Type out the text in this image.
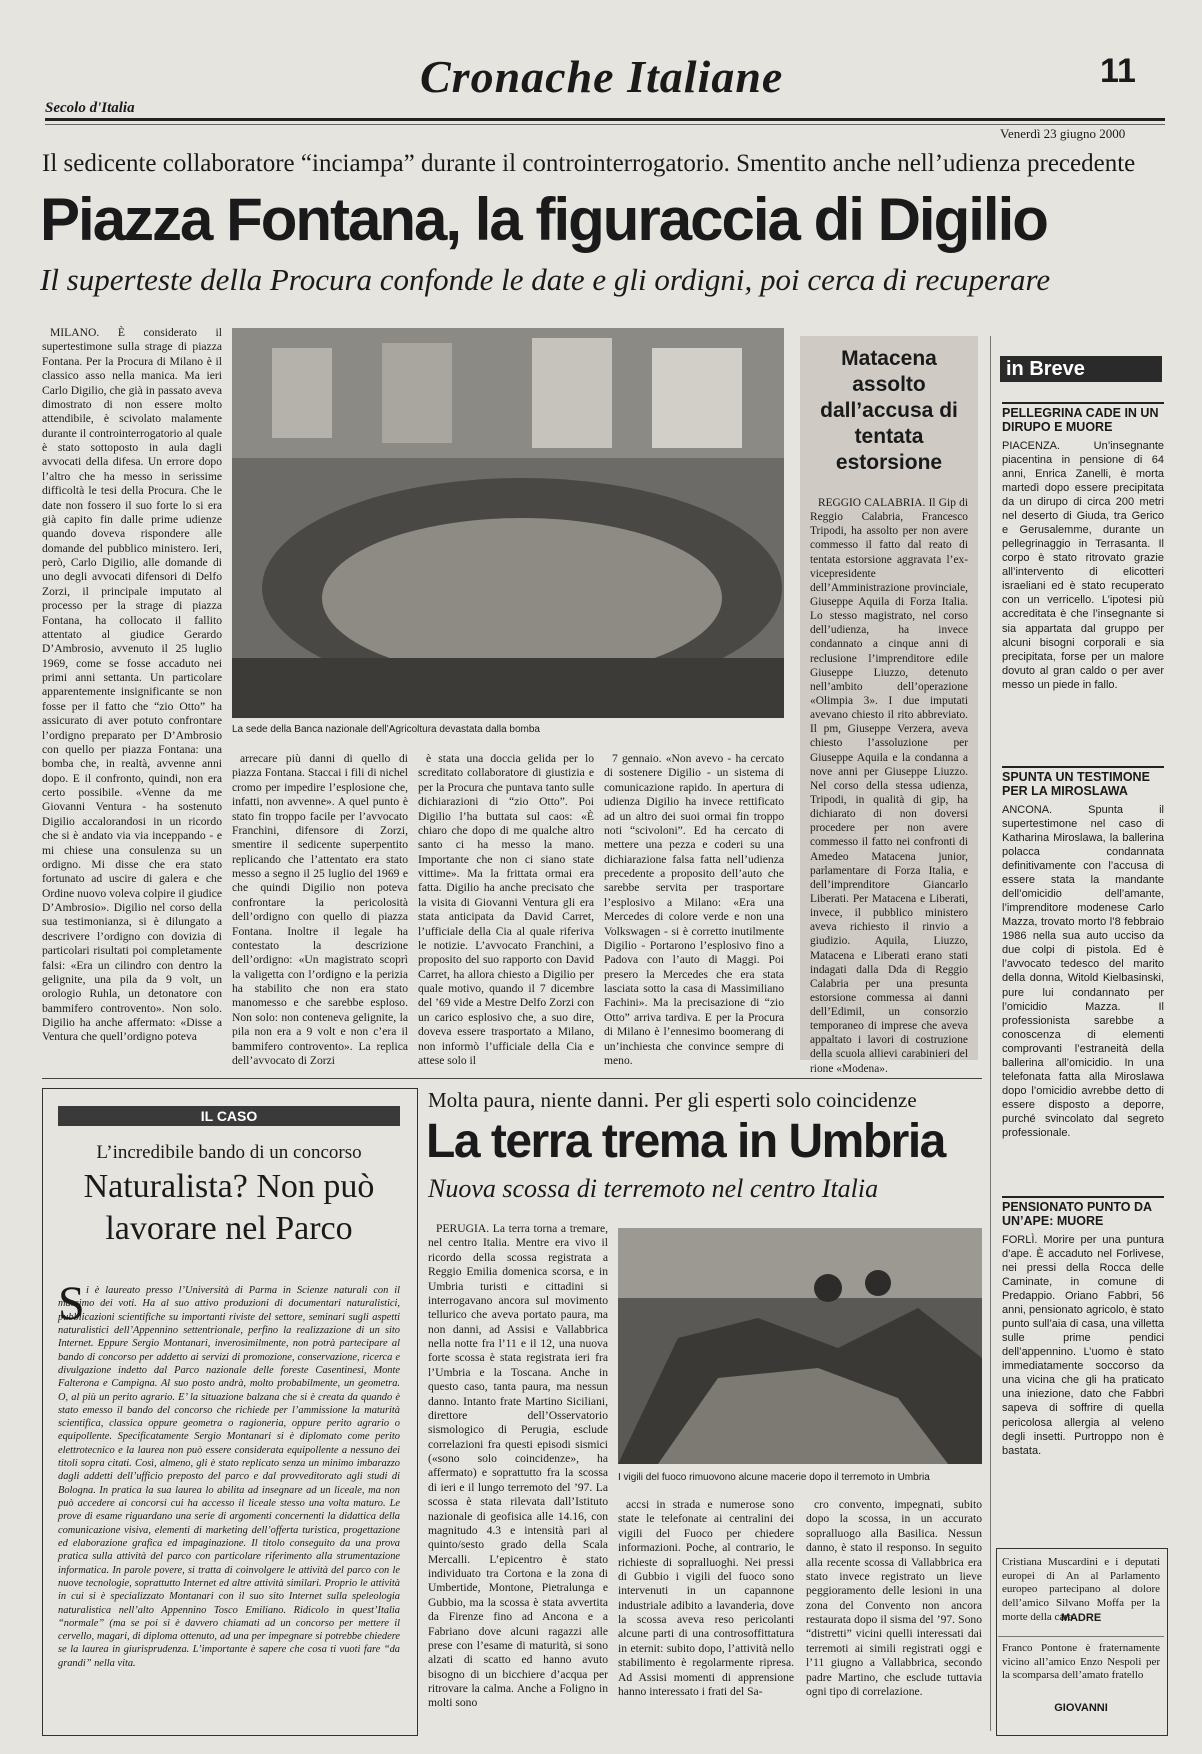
Secolo d'Italia
Cronache Italiane	11
Venerdì 23 giugno 2000
Il sedicente collaboratore “inciampa” durante il controinterrogatorio. Smentito anche nell’udienza precedente
Piazza Fontana, la figuraccia di Digilio
Il superteste della Procura confonde le date e gli ordigni, poi cerca di recuperare

MILANO. È considerato il supertestimone sulla strage di piazza Fontana. Per la Procura di Milano è il classico asso nella manica. Ma ieri Carlo Digilio, che già in passato aveva dimostrato di non essere molto attendibile, è scivolato malamente durante il controinterrogatorio al quale è stato sottoposto in aula dagli avvocati della difesa. Un errore dopo l’altro che ha messo in serissime difficoltà le tesi della Procura. Che le date non fossero il suo forte lo si era già capito fin dalle prime udienze quando doveva rispondere alle domande del pubblico ministero. Ieri, però, Carlo Digilio, alle domande di uno degli avvocati difensori di Delfo Zorzi, il principale imputato al processo per la strage di piazza Fontana, ha collocato il fallito attentato al giudice Gerardo D’Ambrosio, avvenuto il 25 luglio 1969, come se fosse accaduto nei primi anni settanta. Un particolare apparentemente insignificante se non fosse per il fatto che “zio Otto” ha assicurato di aver potuto confrontare l’ordigno preparato per D’Ambrosio con quello per piazza Fontana: una bomba che, in realtà, avvenne anni dopo. E il confronto, quindi, non era certo possibile. «Venne da me Giovanni Ventura - ha sostenuto Digilio accalorandosi in un ricordo che si è andato via via inceppando - e mi chiese una consulenza su un ordigno. Mi disse che era stato fortunato ad uscire di galera e che Ordine nuovo voleva colpire il giudice D’Ambrosio». Digilio nel corso della sua testimonianza, si è dilungato a descrivere l’ordigno con dovizia di particolari risultati poi completamente falsi: «Era un cilindro con dentro la gelignite, una pila da 9 volt, un orologio Ruhla, un detonatore con bammifero controvento». Non solo. Digilio ha anche affermato: «Disse a Ventura che quell’ordigno poteva

La sede della Banca nazionale dell’Agricoltura devastata dalla bomba

arrecare più danni di quello di piazza Fontana. Staccai i fili di nichel cromo per impedire l’esplosione che, infatti, non avvenne». A quel punto è stato fin troppo facile per l’avvocato Franchini, difensore di Zorzi, smentire il sedicente superpentito replicando che l’attentato era stato messo a segno il 25 luglio del 1969 e che quindi Digilio non poteva confrontare la pericolosità dell’ordigno con quello di piazza Fontana. Inoltre il legale ha contestato la descrizione dell’ordigno: «Un magistrato scoprì la valigetta con l’ordigno e la perizia ha stabilito che non era stato manomesso e che sarebbe esploso. Non solo: non conteneva gelignite, la pila non era a 9 volt e non c’era il bammifero controvento». La replica dell’avvocato di Zorzi

è stata una doccia gelida per lo screditato collaboratore di giustizia e per la Procura che puntava tanto sulle dichiarazioni di “zio Otto”. Poi Digilio l’ha buttata sul caos: «È chiaro che dopo di me qualche altro santo ci ha messo la mano. Importante che non ci siano state vittime». Ma la frittata ormai era fatta. Digilio ha anche precisato che la visita di Giovanni Ventura gli era stata anticipata da David Carret, l’ufficiale della Cia al quale riferiva le notizie. L’avvocato Franchini, a proposito del suo rapporto con David Carret, ha allora chiesto a Digilio per quale motivo, quando il 7 dicembre del ’69 vide a Mestre Delfo Zorzi con un carico esplosivo che, a suo dire, doveva essere trasportato a Milano, non informò l’ufficiale della Cia e attese solo il

7 gennaio. «Non avevo - ha cercato di sostenere Digilio - un sistema di comunicazione rapido. In apertura di udienza Digilio ha invece rettificato ad un altro dei suoi ormai fin troppo noti “scivoloni”. Ed ha cercato di mettere una pezza e coderi su una dichiarazione falsa fatta nell’udienza precedente a proposito dell’auto che sarebbe servita per trasportare l’esplosivo a Milano: «Era una Mercedes di colore verde e non una Volkswagen - si è corretto inutilmente Digilio - Portarono l’esplosivo fino a Padova con l’auto di Maggi. Poi presero la Mercedes che era stata lasciata sotto la casa di Massimiliano Fachini». Ma la precisazione di “zio Otto” arriva tardiva. E per la Procura di Milano è l’ennesimo boomerang di un’inchiesta che convince sempre di meno.

Matacena assolto dall’accusa di tentata estorsione

REGGIO CALABRIA. Il Gip di Reggio Calabria, Francesco Tripodi, ha assolto per non avere commesso il fatto dal reato di tentata estorsione aggravata l’ex-vicepresidente dell’Amministrazione provinciale, Giuseppe Aquila di Forza Italia. Lo stesso magistrato, nel corso dell’udienza, ha invece condannato a cinque anni di reclusione l’imprenditore edile Giuseppe Liuzzo, detenuto nell’ambito dell’operazione «Olimpia 3». I due imputati avevano chiesto il rito abbreviato. Il pm, Giuseppe Verzera, aveva chiesto l’assoluzione per Giuseppe Aquila e la condanna a nove anni per Giuseppe Liuzzo. Nel corso della stessa udienza, Tripodi, in qualità di gip, ha dichiarato di non doversi procedere per non avere commesso il fatto nei confronti di Amedeo Matacena junior, parlamentare di Forza Italia, e dell’imprenditore Giancarlo Liberati. Per Matacena e Liberati, invece, il pubblico ministero aveva richiesto il rinvio a giudizio. Aquila, Liuzzo, Matacena e Liberati erano stati indagati dalla Dda di Reggio Calabria per una presunta estorsione commessa ai danni dell’Edimil, un consorzio temporaneo di imprese che aveva appaltato i lavori di costruzione della scuola allievi carabinieri del rione «Modena».

in Breve
PELLEGRINA CADE IN UN DIRUPO E MUORE
PIACENZA. Un’insegnante piacentina in pensione di 64 anni, Enrica Zanelli, è morta martedì dopo essere precipitata da un dirupo di circa 200 metri nel deserto di Giuda, tra Gerico e Gerusalemme, durante un pellegrinaggio in Terrasanta. Il corpo è stato ritrovato grazie all’intervento di elicotteri israeliani ed è stato recuperato con un verricello. L’ipotesi più accreditata è che l’insegnante si sia appartata dal gruppo per alcuni bisogni corporali e sia precipitata, forse per un malore dovuto al gran caldo o per aver messo un piede in fallo.
SPUNTA UN TESTIMONE PER LA MIROSLAWA
ANCONA. Spunta il supertestimone nel caso di Katharina Miroslawa, la ballerina polacca condannata definitivamente con l’accusa di essere stata la mandante dell’omicidio dell’amante, l’imprenditore modenese Carlo Mazza, trovato morto l’8 febbraio 1986 nella sua auto ucciso da due colpi di pistola. Ed è l’avvocato tedesco del marito della donna, Witold Kielbasinski, pure lui condannato per l’omicidio Mazza. Il professionista sarebbe a conoscenza di elementi comprovanti l’estraneità della ballerina all’omicidio. In una telefonata fatta alla Miroslawa dopo l’omicidio avrebbe detto di essere disposto a deporre, purché svincolato dal segreto professionale.
PENSIONATO PUNTO DA UN’APE: MUORE
FORLÌ. Morire per una puntura d’ape. È accaduto nel Forlivese, nei pressi della Rocca delle Caminate, in comune di Predappio. Oriano Fabbri, 56 anni, pensionato agricolo, è stato punto sull’aia di casa, una villetta sulle prime pendici dell’appennino. L’uomo è stato immediatamente soccorso da una vicina che gli ha praticato una iniezione, dato che Fabbri sapeva di soffrire di quella pericolosa allergia al veleno degli insetti. Purtroppo non è bastata.
Cristiana Muscardini e i deputati europei di An al Parlamento europeo partecipano al dolore dell’amico Silvano Moffa per la morte della cara
MADRE
Franco Pontone è fraternamente vicino all’amico Enzo Nespoli per la scomparsa dell’amato fratello
GIOVANNI
IL CASO
L’incredibile bando di un concorso
Naturalista? Non può lavorare nel Parco
S i è laureato presso l’Università di Parma in Scienze naturali con il massimo dei voti. Ha al suo attivo produzioni di documentari naturalistici, pubblicazioni scientifiche su importanti riviste del settore, seminari sugli aspetti naturalistici dell’Appennino settentrionale, perfino la realizzazione di un sito Internet. Eppure Sergio Montanari, inverosimilmente, non potrà partecipare al bando di concorso per addetto ai servizi di promozione, conservazione, ricerca e divulgazione indetto dal Parco nazionale delle foreste Casentinesi, Monte Falterona e Campigna. Al suo posto andrà, molto probabilmente, un geometra. O, al più un perito agrario. E’ la situazione balzana che si è creata da quando è stato emesso il bando del concorso che richiede per l’ammissione la maturità scientifica, classica oppure geometra o ragioneria, oppure perito agrario o equipollente. Specificatamente Sergio Montanari si è diplomato come perito elettrotecnico e la laurea non può essere considerata equipollente a nessuno dei titoli sopra citati. Così, almeno, gli è stato replicato senza un minimo imbarazzo dagli addetti dell’ufficio preposto del parco e dal provveditorato agli studi di Bologna. In pratica la sua laurea lo abilita ad insegnare ad un liceale, ma non può accedere ai concorsi cui ha accesso il liceale stesso una volta maturo. Le prove di esame riguardano una serie di argomenti concernenti la didattica della comunicazione visiva, elementi di marketing dell’offerta turistica, progettazione ed elaborazione grafica ed impaginazione. Il titolo conseguito da una prova pratica sulla attività del parco con particolare riferimento alla strumentazione informatica. In parole povere, si tratta di coinvolgere le attività del parco con le nuove tecnologie, soprattutto Internet ed altre attività similari. Proprio le attività in cui si è specializzato Montanari con il suo sito Internet sulla speleologia naturalistica nell’alto Appennino Tosco Emiliano. Ridicolo in quest’Italia “normale” (ma se poi si è davvero chiamati ad un concorso per mettere il cervello, magari, di diploma ottenuto, ad una per impegnare si potrebbe chiedere se la laurea in giurisprudenza. L’importante è sapere che cosa ti vuoti fare “da grandi” nella vita.
Molta paura, niente danni. Per gli esperti solo coincidenze
La terra trema in Umbria
Nuova scossa di terremoto nel centro Italia

PERUGIA. La terra torna a tremare, nel centro Italia. Mentre era vivo il ricordo della scossa registrata a Reggio Emilia domenica scorsa, e in Umbria turisti e cittadini si interrogavano ancora sul movimento tellurico che aveva portato paura, ma non danni, ad Assisi e Vallabbrica nella notte fra l’11 e il 12, una nuova forte scossa è stata registrata ieri fra l’Umbria e la Toscana. Anche in questo caso, tanta paura, ma nessun danno. Intanto frate Martino Siciliani, direttore dell’Osservatorio sismologico di Perugia, esclude correlazioni fra questi episodi sismici («sono solo coincidenze», ha affermato) e soprattutto fra la scossa di ieri e il lungo terremoto del ’97. La scossa è stata rilevata dall’Istituto nazionale di geofisica alle 14.16, con magnitudo 4.3 e intensità pari al quinto/sesto grado della Scala Mercalli. L’epicentro è stato individuato tra Cortona e la zona di Umbertide, Montone, Pietralunga e Gubbio, ma la scossa è stata avvertita da Firenze fino ad Ancona e a Fabriano dove alcuni ragazzi alle prese con l’esame di maturità, si sono alzati di scatto ed hanno avuto bisogno di un bicchiere d’acqua per ritrovare la calma. Anche a Foligno in molti sono

I vigili del fuoco rimuovono alcune macerie dopo il terremoto in Umbria

accsi in strada e numerose sono state le telefonate ai centralini dei vigili del Fuoco per chiedere informazioni. Poche, al contrario, le richieste di sopralluoghi. Nei pressi di Gubbio i vigili del fuoco sono intervenuti in un capannone industriale adibito a lavanderia, dove la scossa aveva reso pericolanti alcune parti di una controsoffittatura in eternit: subito dopo, l’attività nello stabilimento è regolarmente ripresa. Ad Assisi momenti di apprensione hanno interessato i frati del Sa-

cro convento, impegnati, subito dopo la scossa, in un accurato sopralluogo alla Basilica. Nessun danno, è stato il responso. In seguito alla recente scossa di Vallabbrica era stato invece registrato un lieve peggioramento delle lesioni in una zona del Convento non ancora restaurata dopo il sisma del ’97. Sono “distretti” vicini quelli interessati dai terremoti ai simili registrati oggi e l’11 giugno a Vallabbrica, secondo padre Martino, che esclude tuttavia ogni tipo di correlazione.
